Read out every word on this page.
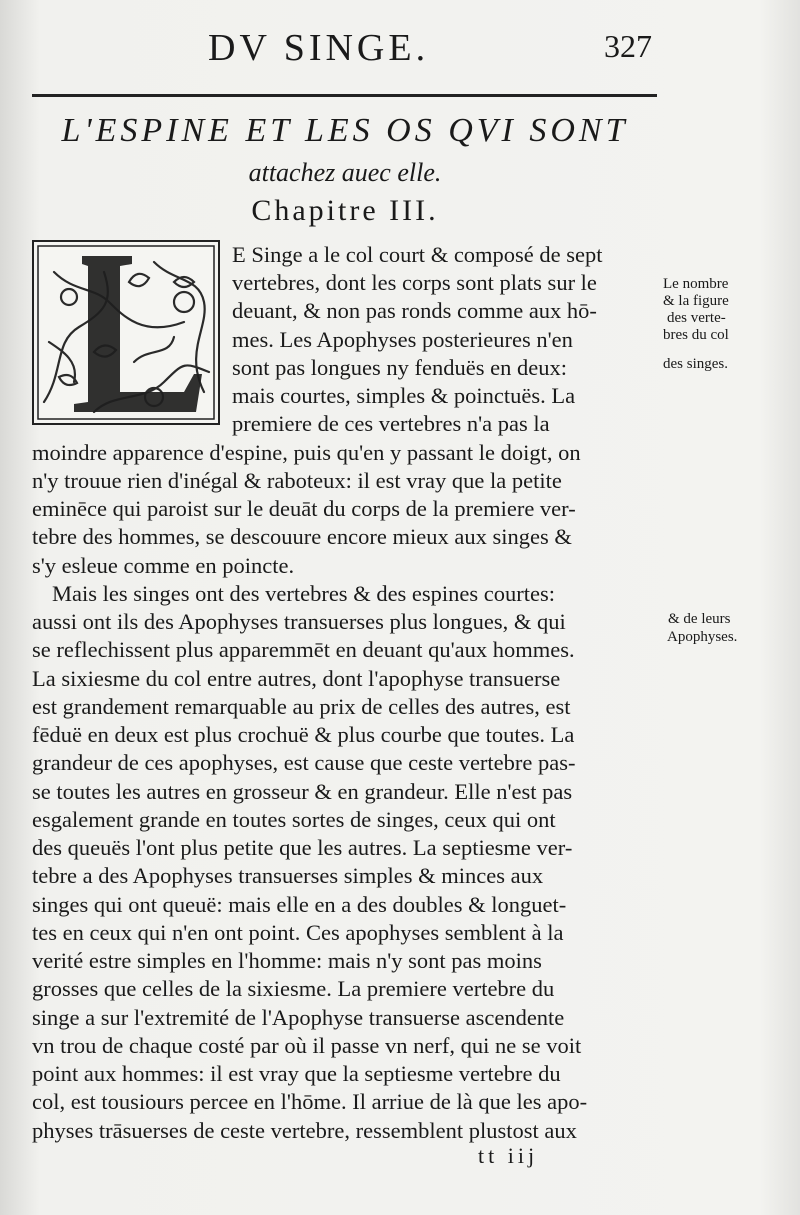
DV SINGE.	327
L'ESPINE ET LES OS QVI SONT
attachez auec elle.
Chapitre III.
E Singe a le col court & composé de sept
vertebres, dont les corps sont plats sur le
deuant, & non pas ronds comme aux hō-
mes. Les Apophyses posterieures n'en
sont pas longues ny fenduës en deux:
mais courtes, simples & poinctuës. La
premiere de ces vertebres n'a pas la
moindre apparence d'espine, puis qu'en y passant le doigt, on
n'y trouue rien d'inégal & raboteux: il est vray que la petite
eminēce qui paroist sur le deuāt du corps de la premiere ver-
tebre des hommes, se descouure encore mieux aux singes &
s'y esleue comme en poincte.
Mais les singes ont des vertebres & des espines courtes:
aussi ont ils des Apophyses transuerses plus longues, & qui
se reflechissent plus apparemmēt en deuant qu'aux hommes.
La sixiesme du col entre autres, dont l'apophyse transuerse
est grandement remarquable au prix de celles des autres, est
fēduë en deux est plus crochuë & plus courbe que toutes. La
grandeur de ces apophyses, est cause que ceste vertebre pas-
se toutes les autres en grosseur & en grandeur. Elle n'est pas
esgalement grande en toutes sortes de singes, ceux qui ont
des queuës l'ont plus petite que les autres. La septiesme ver-
tebre a des Apophyses transuerses simples & minces aux
singes qui ont queuë: mais elle en a des doubles & longuet-
tes en ceux qui n'en ont point. Ces apophyses semblent à la
verité estre simples en l'homme: mais n'y sont pas moins
grosses que celles de la sixiesme. La premiere vertebre du
singe a sur l'extremité de l'Apophyse transuerse ascendente
vn trou de chaque costé par où il passe vn nerf, qui ne se voit
point aux hommes: il est vray que la septiesme vertebre du
col, est tousiours percee en l'hōme. Il arriue de là que les apo-
physes trāsuerses de ceste vertebre, ressemblent plustost aux
Le nombre
& la figure
des verte-
bres du col
des singes.
& de leurs
Apophyses.
tt iij
